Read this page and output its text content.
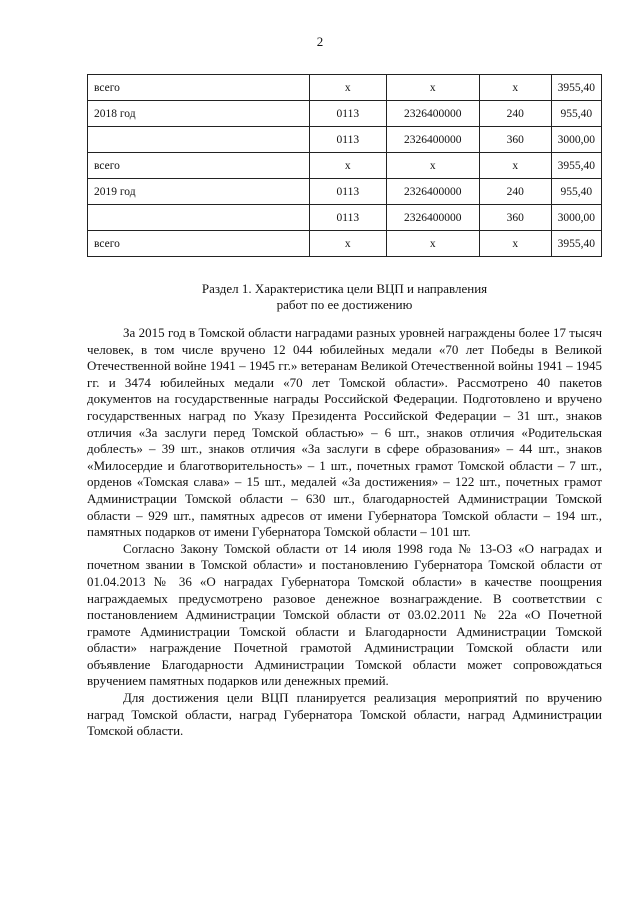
2
всего	х	х	х	3955,40
2018 год	0113	2326400000	240	955,40
	0113	2326400000	360	3000,00
всего	х	х	х	3955,40
2019 год	0113	2326400000	240	955,40
	0113	2326400000	360	3000,00
всего	х	х	х	3955,40
Раздел 1. Характеристика цели ВЦП и направления
работ по ее достижению

За 2015 год в Томской области наградами разных уровней награждены более 17 тысяч человек, в том числе вручено 12 044 юбилейных медали «70 лет Победы в Великой Отечественной войне 1941 – 1945 гг.» ветеранам Великой Отечественной войны 1941 – 1945 гг. и 3474 юбилейных медали «70 лет Томской области». Рассмотрено 40 пакетов документов на государственные награды Российской Федерации. Подготовлено и вручено государственных наград по Указу Президента Российской Федерации – 31 шт., знаков отличия «За заслуги перед Томской областью» – 6 шт., знаков отличия «Родительская доблесть» – 39 шт., знаков отличия «За заслуги в сфере образования» – 44 шт., знаков «Милосердие и благотворительность» – 1 шт., почетных грамот Томской области – 7 шт., орденов «Томская слава» – 15 шт., медалей «За достижения» – 122 шт., почетных грамот Администрации Томской области – 630 шт., благодарностей Администрации Томской области – 929 шт., памятных адресов от имени Губернатора Томской области – 194 шт., памятных подарков от имени Губернатора Томской области – 101 шт.

Согласно Закону Томской области от 14 июля 1998 года № 13-ОЗ «О наградах и почетном звании в Томской области» и постановлению Губернатора Томской области от 01.04.2013 № 36 «О наградах Губернатора Томской области» в качестве поощрения награждаемых предусмотрено разовое денежное вознаграждение. В соответствии с постановлением Администрации Томской области от 03.02.2011 № 22а «О Почетной грамоте Администрации Томской области и Благодарности Администрации Томской области» награждение Почетной грамотой Администрации Томской области или объявление Благодарности Администрации Томской области может сопровождаться вручением памятных подарков или денежных премий.

Для достижения цели ВЦП планируется реализация мероприятий по вручению наград Томской области, наград Губернатора Томской области, наград Администрации Томской области.
